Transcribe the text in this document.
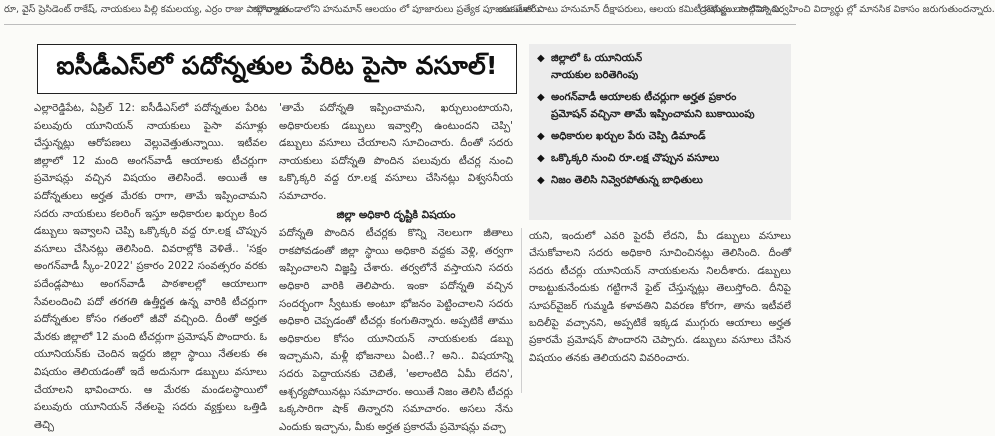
రూ, వైస్ ప్రెసిడెంట్ రాకేష్, నాయకులు పిల్లి కమలయ్య, ఎర్రం రాజు పాల్గొన్నారు.
దూరాజతండాలోని హనుమాన్ ఆలయం లో పూజారులు ప్రత్యేక పూజలు చేశారు.
యకులతో పాటు హనుమాన్ దీక్షాపరులు, ఆలయ కమిటీ సభ్యులు పాల్గొన్నారు.
ఐసీడీఎస్‌లో పదోన్నతుల పేరిట పైసా వసూల్!	◆ జిల్లాలో ఓ యూనియన్
నాయకుల బరితెగింపు
◆ అంగన్‌వాడీ ఆయాలకు టీచర్లుగా అర్హత ప్రకారం
ప్రమోషన్ వచ్చినా తామే ఇప్పించామని బుకాయింపు
◆ అధికారుల ఖర్చుల పేరు చెప్పి డిమాండ్
◆ ఒక్కొక్కరి నుంచి రూ.లక్ష చొప్పున వసూలు
◆ నిజం తెలిసి నివ్వెరపోతున్న బాధితులు

ఎల్లారెడ్డిపేట, ఏప్రిల్ 12: ఐసీడీఎస్‌లో పదోన్నతుల పేరిట పలువురు యూనియన్ నాయకులు పైసా వసూళ్లు చేస్తున్నట్లు ఆరోపణలు వెల్లువెత్తుతున్నాయి. ఇటీవల జిల్లాలో 12 మంది అంగన్‌వాడీ ఆయాలకు టీచర్లుగా ప్రమోషన్లు వచ్చిన విషయం తెలిసిందే. అయితే ఆ పదోన్నతులు అర్హత మేరకు రాగా, తామే ఇప్పించామని సదరు నాయకులు కలరింగ్ ఇస్తూ అధికారుల ఖర్చుల కింద డబ్బులు ఇవ్వాలని చెప్పి ఒక్కొక్కరి వద్ద రూ.లక్ష చొప్పున వసూలు చేసినట్లు తెలిసింది. వివరాల్లోకి వెళితే.. 'సక్షం అంగన్‌వాడీ స్కీం-2022' ప్రకారం 2022 సంవత్సరం వరకు పదేండ్లపాటు అంగన్‌వాడీ పాఠశాలల్లో ఆయాలుగా సేవలందించి పదో తరగతి ఉత్తీర్ణత ఉన్న వారికి టీచర్లుగా పదోన్నతుల కోసం గతంలో జీవో వచ్చింది. దీంతో అర్హత మేరకు జిల్లాలో 12 మంది టీచర్లుగా ప్రమోషన్ పొందారు. ఓ యూనియన్‌కు చెందిన ఇద్దరు జిల్లా స్థాయి నేతలకు ఈ విషయం తెలియడంతో ఇదే అదునుగా డబ్బులు వసూలు చేయాలని భావించారు. ఆ మేరకు మండలస్థాయిలో పలువురు యూనియన్ నేతలపై సదరు వ్యక్తులు ఒత్తిడి తెచ్చి

'తామే పదోన్నతి ఇప్పించామని, ఖర్చులుంటాయని, అధికారులకు డబ్బులు ఇవ్వాల్సి ఉంటుందని చెప్పి' డబ్బులు వసూలు చేయాలని సూచించారు. దీంతో సదరు నాయకులు పదోన్నతి పొందిన పలువురు టీచర్ల నుంచి ఒక్కొక్కరి వద్ద రూ.లక్ష వసూలు చేసినట్లు విశ్వసనీయ సమాచారం.

జిల్లా అధికారి దృష్టికి విషయం

పదోన్నతి పొందిన టీచర్లకు కొన్ని నెలలుగా జీతాలు రాకపోవడంతో జిల్లా స్థాయి అధికారి వద్దకు వెళ్లి, తర్వగా ఇప్పించాలని విజ్ఞప్తి చేశారు. తర్వలోనే వస్తాయని సదరు అధికారి వారికి తెలిపారు. ఇంకా పదోన్నతి వచ్చిన సందర్భంగా స్వీటుకు అంటూ భోజనం పెట్టించాలని సదరు అధికారి చెప్పడంతో టీచర్లు కంగుతిన్నారు. అప్పటికే తాము అధికారుల కోసం యూనియన్ నాయకులకు డబ్బు ఇచ్చామని, మళ్లీ భోజనాలు ఏంటి..? అని.. విషయాన్ని సదరు పెద్దాయనకు చెబితే, 'అలాంటిది ఏమీ లేదని', ఆశ్చర్యపోయినట్లు సమాచారం. అయితే నిజం తెలిసి టీచర్లు ఒక్కసారిగా షాక్ తిన్నారని సమాచారం. అసలు నేను ఎందుకు ఇచ్చాను, మీకు అర్హత ప్రకారమే ప్రమోషన్లు వచ్చా

యని, ఇందులో ఎవరి పైరవీ లేదని, మీ డబ్బులు వసూలు చేసుకోవాలని సదరు అధికారి సూచించినట్లు తెలిసింది. దీంతో సదరు టీచర్లు యూనియన్ నాయకులను నిలదీశారు. డబ్బులు రాబట్టుకునేందుకు గట్టిగానే ఫైట్ చేస్తున్నట్లు తెలుస్తోంది. దీనిపై సూపర్‌వైజర్ గుమ్మడి కళావతిని వివరణ కోరగా, తాను ఇటీవలే బదిలీపై వచ్చానని, అప్పటికే ఇక్కడ ముగ్గురు ఆయాలు అర్హత ప్రకారమే ప్రమోషన్ పొందారని చెప్పారు. డబ్బులు వసూలు చేసిన విషయం తనకు తెలియదని వివరించారు.

ద్రటెసిస్టు లాంటివిని నిర్వహించి విద్యార్థు ల్లో మానసిక వికాసం జరుగుతుందన్నారు.
